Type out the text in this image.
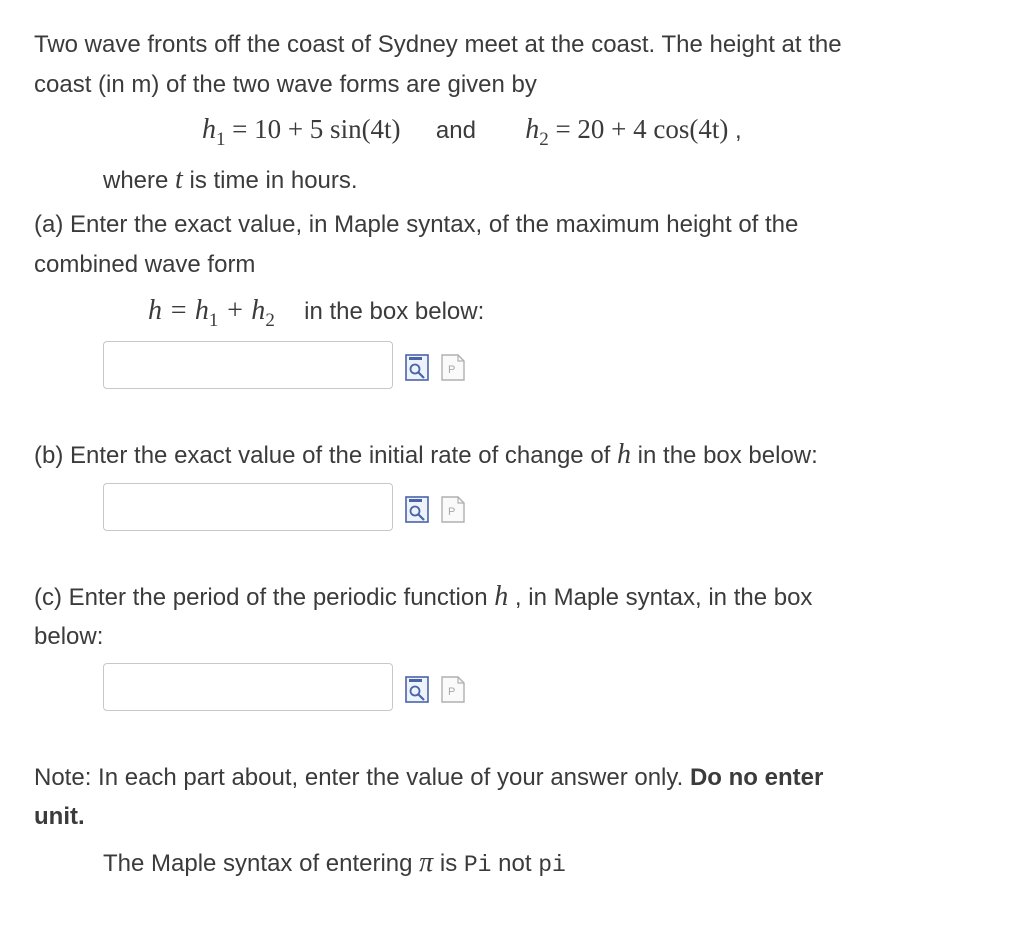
Two wave fronts off the coast of Sydney meet at the coast. The height at the
coast (in m) of the two wave forms are given by
$h_1 = 10 + 5$ sin(4t) and $h_2 = 20 + 4$ cos(4t) ,
where t is time in hours.
(a) Enter the exact value, in Maple syntax, of the maximum height of the
combined wave form
$h = h_1 + h_2$ in the box below:
P
(b) Enter the exact value of the initial rate of change of h in the box below:
P
(c) Enter the period of the periodic function h , in Maple syntax, in the box
below:
P
Note: In each part about, enter the value of your answer only. Do no enter
unit.
The Maple syntax of entering π is Pi not pi
